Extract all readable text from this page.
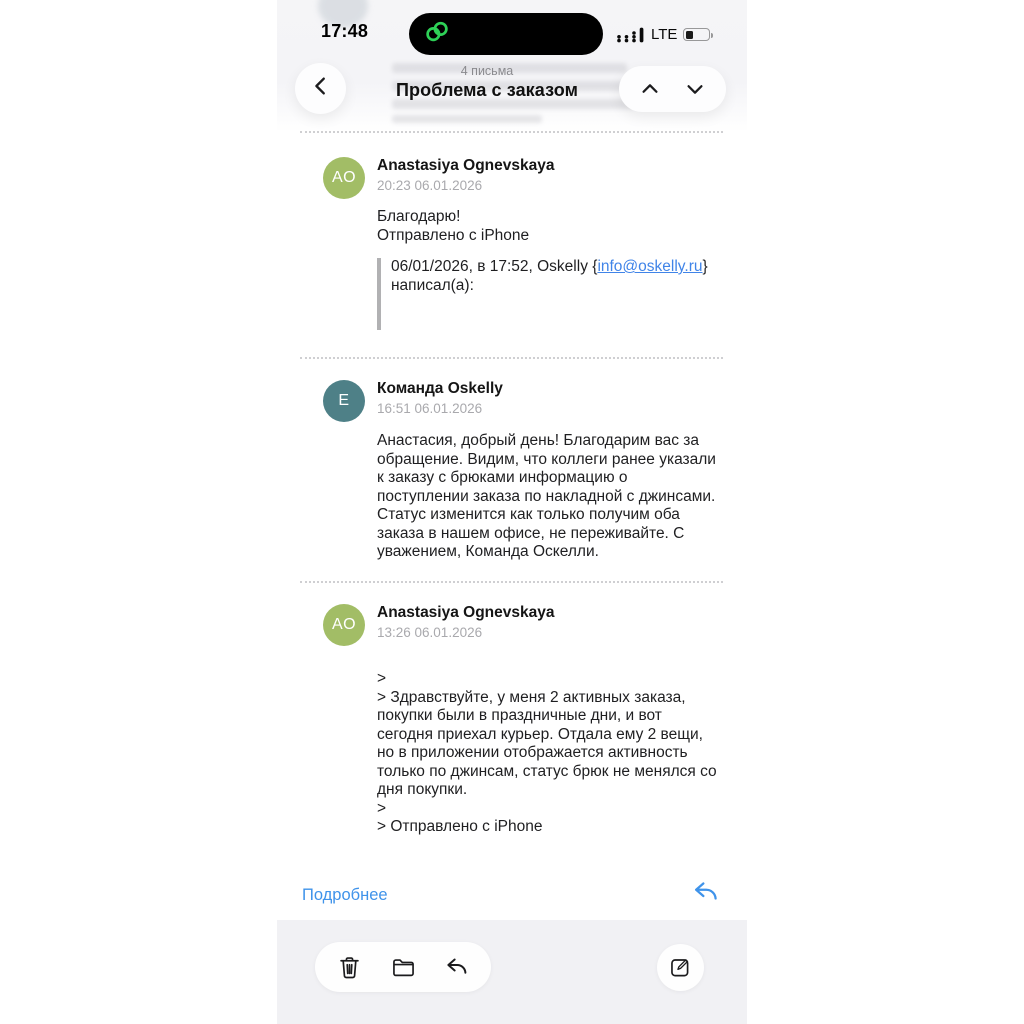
17:48	LTE
4 письма
Проблема с заказом
AO
Anastasiya Ognevskaya
20:23 06.01.2026
Благодарю!
Отправлено с iPhone
06/01/2026, в 17:52, Oskelly {info@oskelly.ru} написал(а):
E
Команда Oskelly
16:51 06.01.2026
Анастасия, добрый день! Благодарим вас за обращение. Видим, что коллеги ранее указали к заказу с брюками информацию о поступлении заказа по накладной с джинсами. Статус изменится как только получим оба заказа в нашем офисе, не переживайте. С уважением, Команда Оскелли.
AO
Anastasiya Ognevskaya
13:26 06.01.2026
>
> Здравствуйте, у меня 2 активных заказа, покупки были в праздничные дни, и вот сегодня приехал курьер. Отдала ему 2 вещи, но в приложении отображается активность только по джинсам, статус брюк не менялся со дня покупки.
>
> Отправлено с iPhone
Подробнее
